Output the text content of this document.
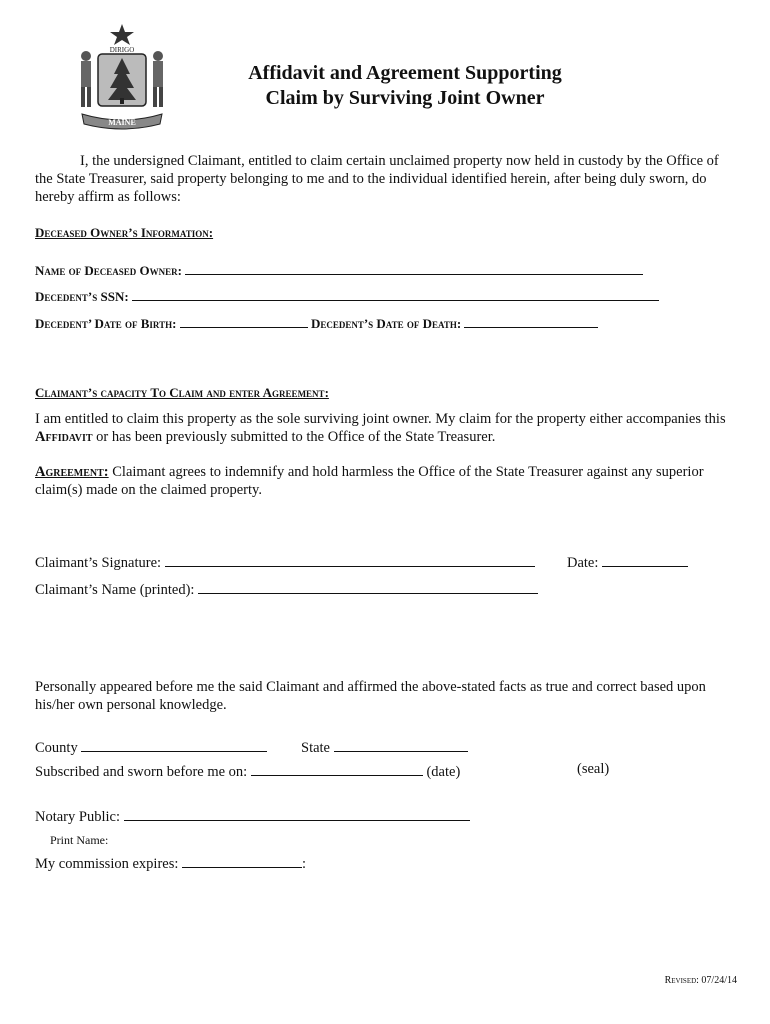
DIRIGO
MAINE
Affidavit and Agreement Supporting
Claim by Surviving Joint Owner

I, the undersigned Claimant, entitled to claim certain unclaimed property now held in custody by the Office of the State Treasurer, said property belonging to me and to the individual identified herein, after being duly sworn, do hereby affirm as follows:

Deceased Owner’s Information:
Name of Deceased Owner:
Decedent’s SSN:
Decedent’ Date of Birth:	Decedent’s Date of Death:
Claimant’s capacity To Claim and enter Agreement:

I am entitled to claim this property as the sole surviving joint owner. My claim for the property either accompanies this Affidavit or has been previously submitted to the Office of the State Treasurer.

Agreement: Claimant agrees to indemnify and hold harmless the Office of the State Treasurer against any superior claim(s) made on the claimed property.

Claimant’s Signature:	Date:
Claimant’s Name (printed):

Personally appeared before me the said Claimant and affirmed the above-stated facts as true and correct based upon his/her own personal knowledge.

County	State
Subscribed and sworn before me on:	(date)	(seal)
Notary Public:
Print Name:
My commission expires:	:
Revised: 07/24/14
